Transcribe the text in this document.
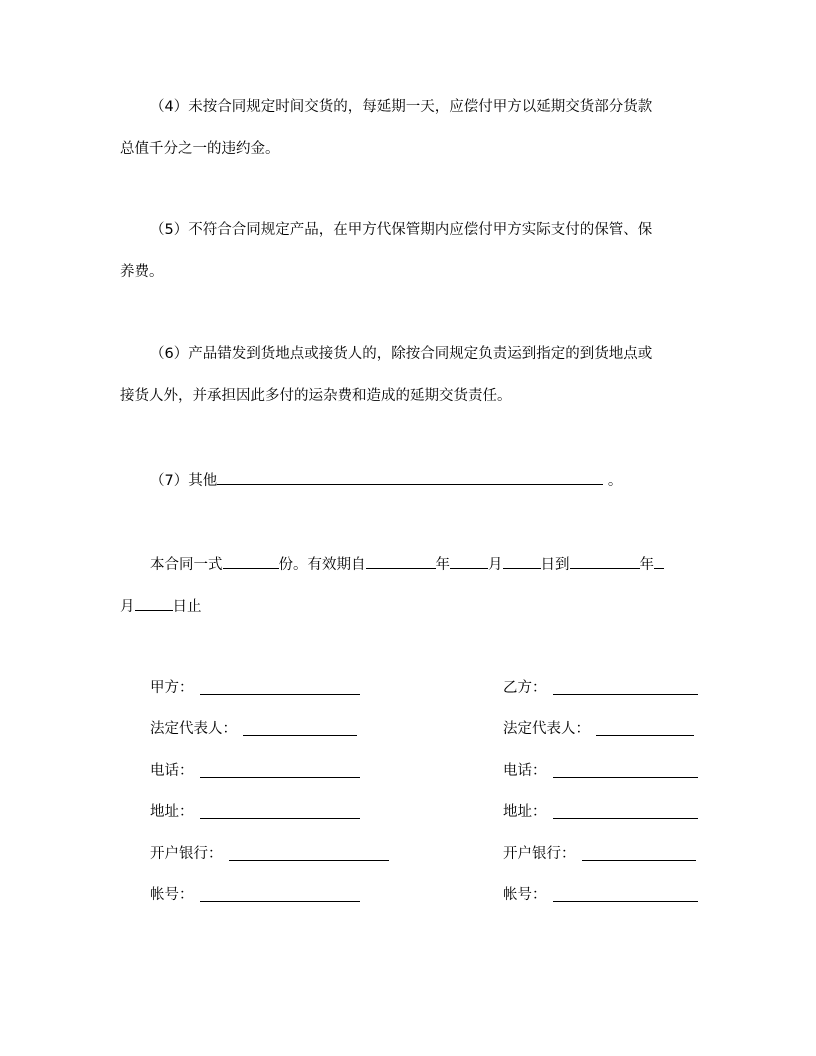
（4）未按合同规定时间交货的，每延期一天，应偿付甲方以延期交货部分货款
总值千分之一的违约金。
（5）不符合合同规定产品，在甲方代保管期内应偿付甲方实际支付的保管、保
养费。
（6）产品错发到货地点或接货人的，除按合同规定负责运到指定的到货地点或
接货人外，并承担因此多付的运杂费和造成的延期交货责任。
（7）其他	。
本合同一式	份。有效期自	年	月	日到	年
月	日止
甲方：
法定代表人：
电话：
地址：
开户银行：
帐号：
乙方：
法定代表人：
电话：
地址：
开户银行：
帐号：
